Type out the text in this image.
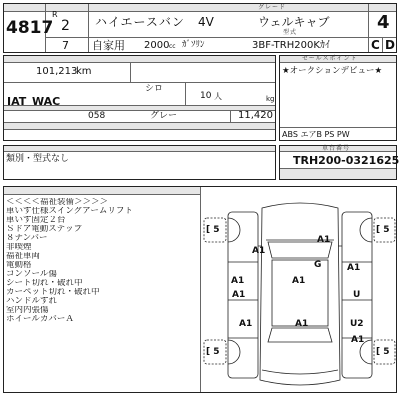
グレード
4817
R
2
7
ハイエースバン 4V	ウェルキャブ	4
型式
自家用 2000 cc ｶﾞｿﾘﾝ	3BF-TRH200Kｶｲ	C D
101,213
km
シロ
10 人	kg
IAT WAC
058	グレー	11,420
セールスポイント
★オークションデビュー★
ABS エアB PS PW
類別・型式なし
車台番号
TRH200-0321625
＜＜＜＜福祉装備＞＞＞＞
車いす仕様スイングアームリフト
車いす固定２台
Ｓドア電動ステップ
８ナンバー
非喫煙
福祉車両
電動格
コンソール傷
シート切れ・破れ中
カーペット切れ・破れ中
ハンドルすれ
室内内張傷
ホイールカバーＡ
[ 5	[ 5
A1
A1
G	A1
A1	A1
A1	U
A1	A1	U2
A1
[ 5	[ 5
